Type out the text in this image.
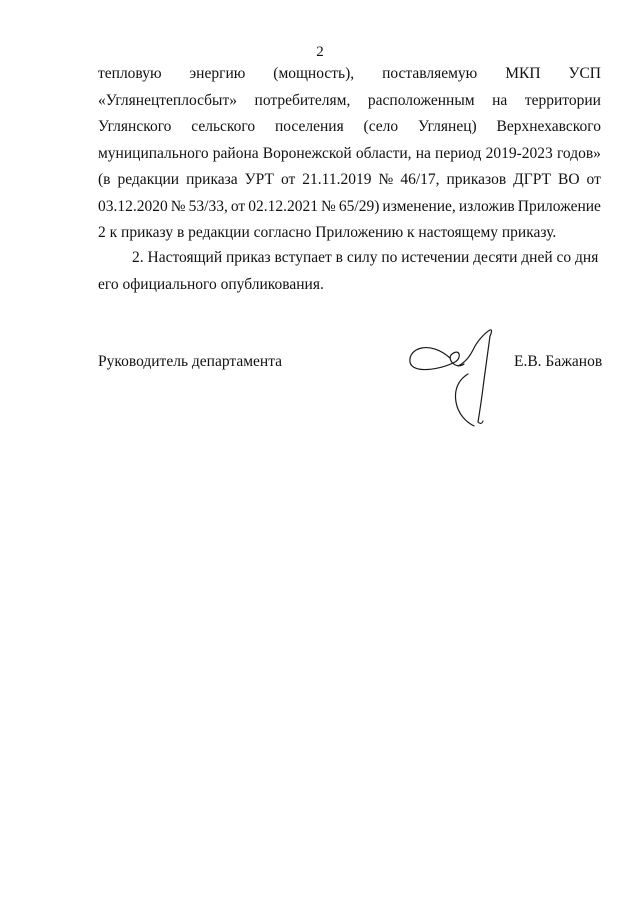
2
тепловую энергию (мощность), поставляемую МКП УСП
«Углянецтеплосбыт» потребителям, расположенным на территории
Углянского сельского поселения (село Углянец) Верхнехавского
муниципального района Воронежской области, на период 2019-2023 годов»
(в редакции приказа УРТ от 21.11.2019 № 46/17, приказов ДГРТ ВО от
03.12.2020 № 53/33, от 02.12.2021 № 65/29) изменение, изложив Приложение
2 к приказу в редакции согласно Приложению к настоящему приказу.
2. Настоящий приказ вступает в силу по истечении десяти дней со дня
его официального опубликования.
Руководитель департамента	Е.В. Бажанов
